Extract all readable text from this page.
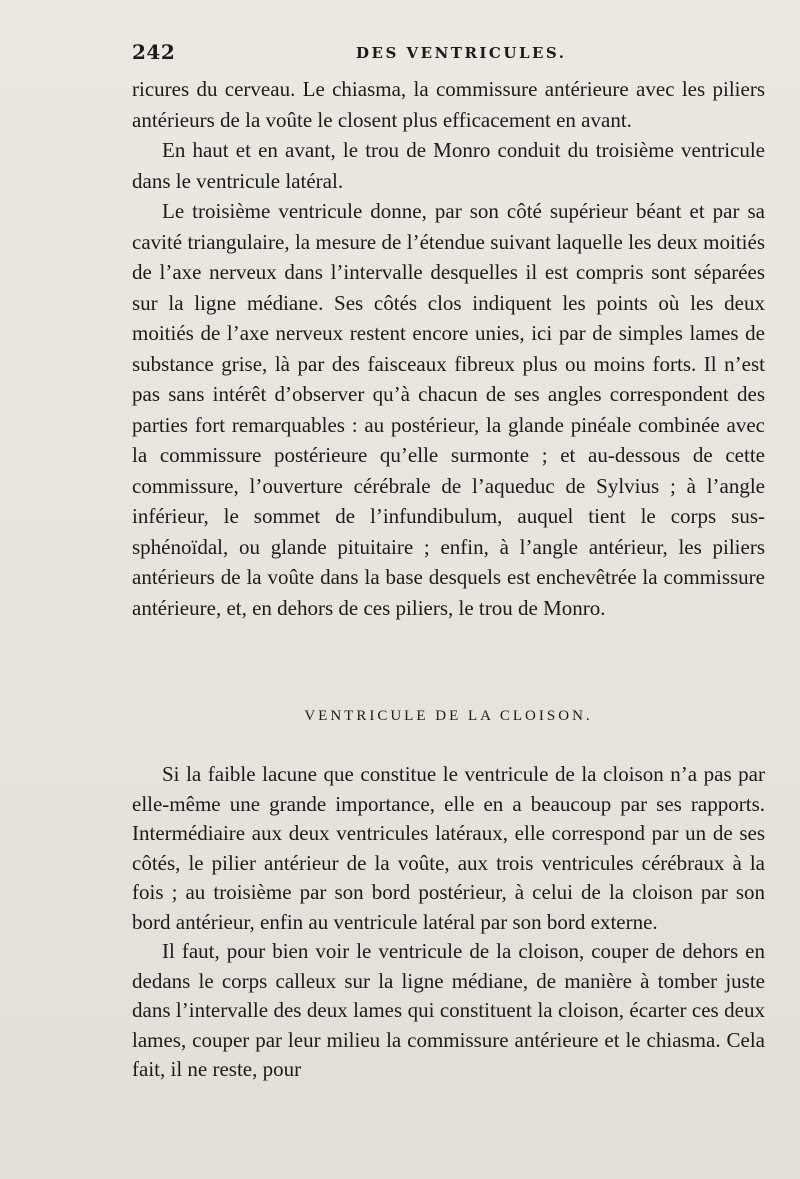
242	DES VENTRICULES.

ricures du cerveau. Le chiasma, la commissure antérieure avec les piliers antérieurs de la voûte le closent plus efficacement en avant.

En haut et en avant, le trou de Monro conduit du troisième ventricule dans le ventricule latéral.

Le troisième ventricule donne, par son côté supérieur béant et par sa cavité triangulaire, la mesure de l’étendue suivant laquelle les deux moitiés de l’axe nerveux dans l’intervalle desquelles il est compris sont séparées sur la ligne médiane. Ses côtés clos indiquent les points où les deux moitiés de l’axe nerveux restent encore unies, ici par de simples lames de substance grise, là par des faisceaux fibreux plus ou moins forts. Il n’est pas sans intérêt d’observer qu’à chacun de ses angles correspondent des parties fort remarquables : au postérieur, la glande pinéale combinée avec la commissure postérieure qu’elle surmonte ; et au-dessous de cette commissure, l’ouverture cérébrale de l’aqueduc de Sylvius ; à l’angle inférieur, le sommet de l’infundibulum, auquel tient le corps sus-sphénoïdal, ou glande pituitaire ; enfin, à l’angle antérieur, les piliers antérieurs de la voûte dans la base desquels est enchevêtrée la commissure antérieure, et, en dehors de ces piliers, le trou de Monro.

VENTRICULE DE LA CLOISON.

Si la faible lacune que constitue le ventricule de la cloison n’a pas par elle-même une grande importance, elle en a beaucoup par ses rapports. Intermédiaire aux deux ventricules latéraux, elle correspond par un de ses côtés, le pilier antérieur de la voûte, aux trois ventricules cérébraux à la fois ; au troisième par son bord postérieur, à celui de la cloison par son bord antérieur, enfin au ventricule latéral par son bord externe.

Il faut, pour bien voir le ventricule de la cloison, couper de dehors en dedans le corps calleux sur la ligne médiane, de manière à tomber juste dans l’intervalle des deux lames qui constituent la cloison, écarter ces deux lames, couper par leur milieu la commissure antérieure et le chiasma. Cela fait, il ne reste, pour
